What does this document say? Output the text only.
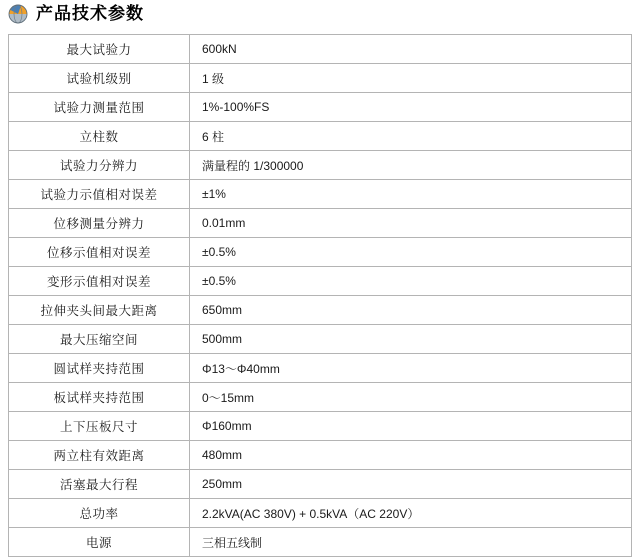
产品技术参数
最大试验力	600kN
试验机级别	1 级
试验力测量范围	1%-100%FS
立柱数	6 柱
试验力分辨力	满量程的 1/300000
试验力示值相对误差	±1%
位移测量分辨力	0.01mm
位移示值相对误差	±0.5%
变形示值相对误差	±0.5%
拉伸夹头间最大距离	650mm
最大压缩空间	500mm
圆试样夹持范围	Φ13～Φ40mm
板试样夹持范围	0～15mm
上下压板尺寸	Φ160mm
两立柱有效距离	480mm
活塞最大行程	250mm
总功率	2.2kVA(AC 380V) + 0.5kVA（AC 220V）
电源	三相五线制
